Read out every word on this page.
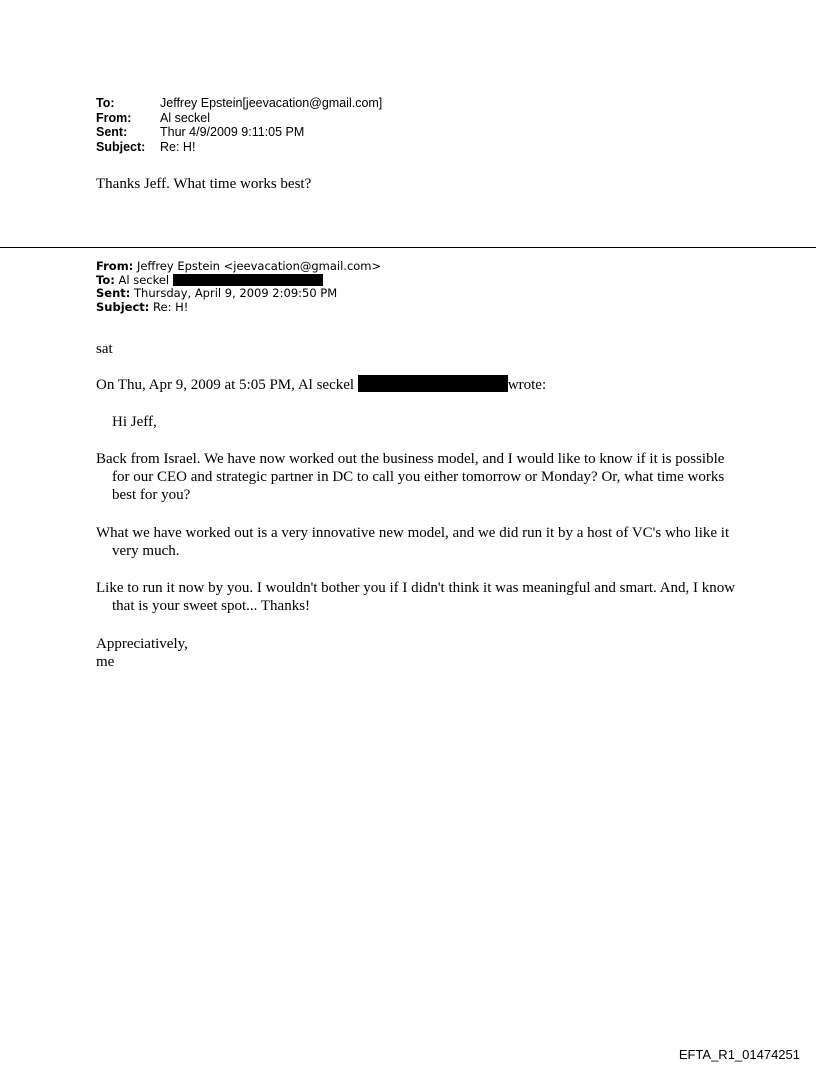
To:	Jeffrey Epstein[jeevacation@gmail.com]
From:	Al seckel
Sent:	Thur 4/9/2009 9:11:05 PM
Subject:	Re: H!
Thanks Jeff. What time works best?
From: Jeffrey Epstein <jeevacation@gmail.com>
To: Al seckel
Sent: Thursday, April 9, 2009 2:09:50 PM
Subject: Re: H!
sat
On Thu, Apr 9, 2009 at 5:05 PM, Al seckel	wrote:
Hi Jeff,

Back from Israel. We have now worked out the business model, and I would like to know if it is possible for our CEO and strategic partner in DC to call you either tomorrow or Monday? Or, what time works best for you?

What we have worked out is a very innovative new model, and we did run it by a host of VC's who like it very much.

Like to run it now by you. I wouldn't bother you if I didn't think it was meaningful and smart. And, I know that is your sweet spot... Thanks!

Appreciatively,
me
EFTA_R1_01474251
